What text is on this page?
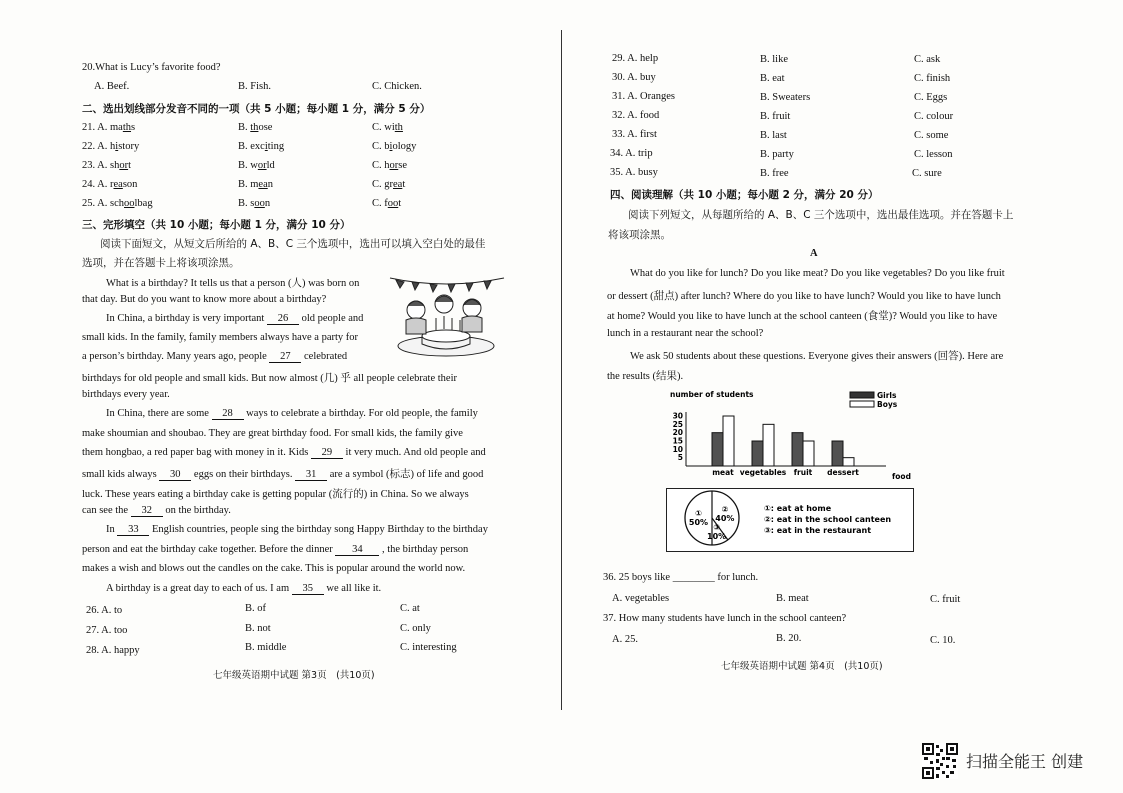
20.What is Lucy’s favorite food?
A. Beef.	B. Fish.	C. Chicken.
二、选出划线部分发音不同的一项（共 5 小题；每小题 1 分，满分 5 分）
21. A. maths	B. those	C. with
22. A. history	B. exciting	C. biology
23. A. short	B. world	C. horse
24. A. reason	B. mean	C. great
25. A. schoolbag	B. soon	C. foot
三、完形填空（共 10 小题；每小题 1 分，满分 10 分）
阅读下面短文，从短文后所给的 A、B、C 三个选项中，选出可以填入空白处的最佳
选项，并在答题卡上将该项涂黑。
What is a birthday? It tells us that a person (人) was born on
that day. But do you want to know more about a birthday?
In China, a birthday is very important 26 old people and
small kids. In the family, family members always have a party for
a person’s birthday. Many years ago, people 27 celebrated
birthdays for old people and small kids. But now almost (几) 乎 all people celebrate their
birthdays every year.
In China, there are some 28 ways to celebrate a birthday. For old people, the family
make shoumian and shoubao. They are great birthday food. For small kids, the family give
them hongbao, a red paper bag with money in it. Kids 29 it very much. And old people and
small kids always 30 eggs on their birthdays. 31 are a symbol (标志) of life and good
luck. These years eating a birthday cake is getting popular (流行的) in China. So we always
can see the 32 on the birthday.
In 33 English countries, people sing the birthday song Happy Birthday to the birthday
person and eat the birthday cake together. Before the dinner 34 , the birthday person
makes a wish and blows out the candles on the cake. This is popular around the world now.
A birthday is a great day to each of us. I am 35 we all like it.
26. A. to	B. of	C. at
27. A. too	B. not	C. only
28. A. happy	B. middle	C. interesting
七年级英语期中试题 第3页　(共10页)
29. A. help	B. like	C. ask
30. A. buy	B. eat	C. finish
31. A. Oranges	B. Sweaters	C. Eggs
32. A. food	B. fruit	C. colour
33. A. first	B. last	C. some
34. A. trip	B. party	C. lesson
35. A. busy	B. free	C. sure
四、阅读理解（共 10 小题；每小题 2 分，满分 20 分）
阅读下列短文，从每题所给的 A、B、C 三个选项中，选出最佳选项。并在答题卡上
将该项涂黑。
A
What do you like for lunch? Do you like meat? Do you like vegetables? Do you like fruit
or dessert (甜点) after lunch? Where do you like to have lunch? Would you like to have lunch
at home? Would you like to have lunch at the school canteen (食堂)? Would you like to have
lunch in a restaurant near the school?
We ask 50 students about these questions. Everyone gives their answers (回答). Here are
the results (结果).
number of students
food
5
10
15
20
25
30
meat vegetables fruit dessert
Girls
Boys
①
50%
②
40%
③
10%
①: eat at home
②: eat in the school canteen
③: eat in the restaurant
36. 25 boys like ________ for lunch.
A. vegetables	B. meat	C. fruit
37. How many students have lunch in the school canteen?
A. 25.	B. 20.	C. 10.
七年级英语期中试题 第4页　(共10页)
扫描全能王 创建
